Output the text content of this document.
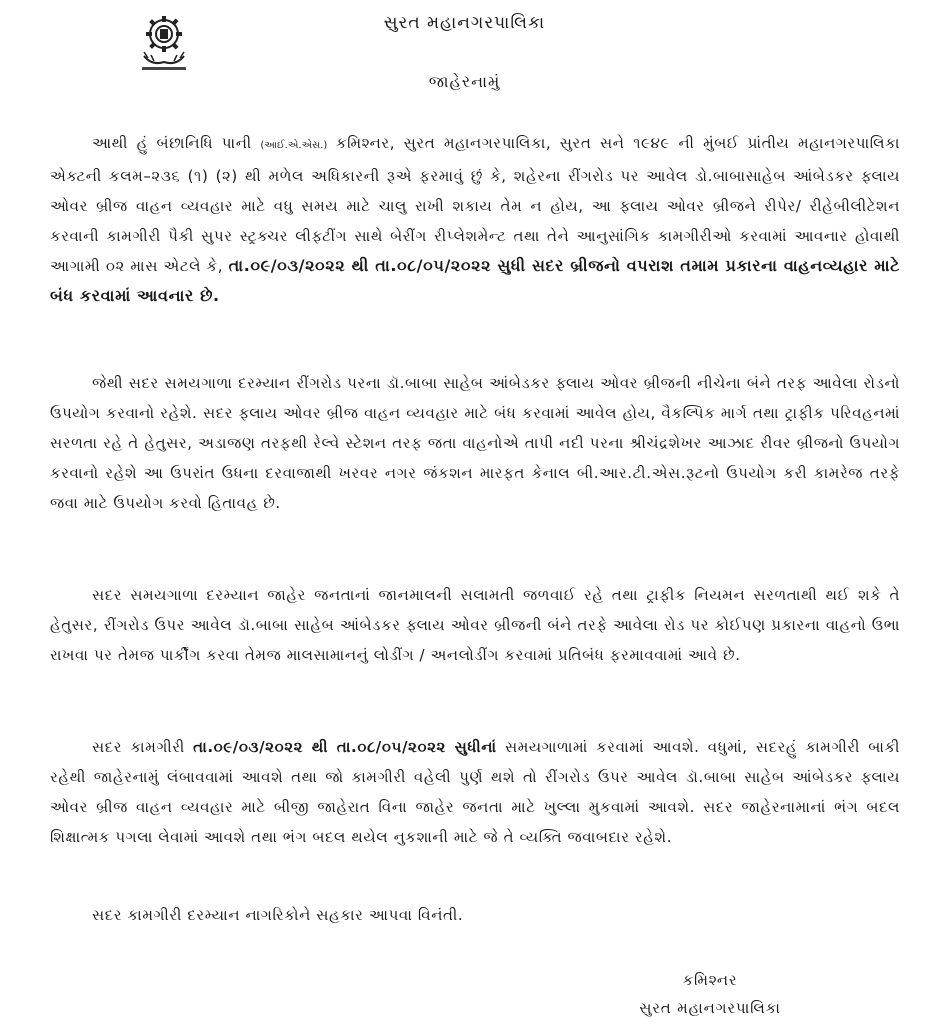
સુરત મહાનગરપાલિકા
જાહેરનામું

આથી હું બંછાનિધિ પાની (આઈ.એ.એસ.) કમિશ્નર, સુરત મહાનગરપાલિકા, સુરત સને ૧૯૪૯ ની મુંબઈ પ્રાંતીય મહાનગરપાલિકા એક્ટની કલમ–૨૩૬ (૧) (૨) થી મળેલ અધિકારની રૂએ ફરમાવું છું કે, શહેરના રીંગરોડ પર આવેલ ડો.બાબાસાહેબ આંબેડકર ફ્લાય ઓવર બ્રીજ વાહન વ્યવહાર માટે વધુ સમય માટે ચાલુ રાખી શકાય તેમ ન હોય, આ ફ્લાય ઓવર બ્રીજને રીપેર/ રીહેબીલીટેશન કરવાની કામગીરી પૈકી સુપર સ્ટ્રક્ચર લીફ્ટીંગ સાથે બેરીંગ રીપ્લેશમેન્ટ તથા તેને આનુસાંગિક કામગીરીઓ કરવામાં આવનાર હોવાથી આગામી ૦૨ માસ એટલે કે, તા.૦૯/૦૩/૨૦૨૨ થી તા.૦૮/૦૫/૨૦૨૨ સુધી સદર બ્રીજનો વપરાશ તમામ પ્રકારના વાહનવ્યહાર માટે બંધ કરવામાં આવનાર છે.

જેથી સદર સમયગાળા દરમ્યાન રીંગરોડ પરના ડૉ.બાબા સાહેબ આંબેડકર ફ્લાય ઓવર બ્રીજની નીચેના બંને તરફ આવેલા રોડનો ઉપયોગ કરવાનો રહેશે. સદર ફ્લાય ઓવર બ્રીજ વાહન વ્યવહાર માટે બંધ કરવામાં આવેલ હોય, વૈકલ્પિક માર્ગ તથા ટ્રાફીક પરિવહનમાં સરળતા રહે તે હેતુસર, અડાજણ તરફથી રેલ્વે સ્ટેશન તરફ જતા વાહનોએ તાપી નદી પરના શ્રીચંદ્રશેખર આઝાદ રીવર બ્રીજનો ઉપયોગ કરવાનો રહેશે આ ઉપરાંત ઉધના દરવાજાથી ખરવર નગર જંકશન મારફત કેનાલ બી.આર.ટી.એસ.રૂટનો ઉપયોગ કરી કામરેજ તરફે જવા માટે ઉપયોગ કરવો હિતાવહ છે.

સદર સમયગાળા દરમ્યાન જાહેર જનતાનાં જાનમાલની સલામતી જળવાઈ રહે તથા ટ્રાફીક નિયમન સરળતાથી થઈ શકે તે હેતુસર, રીંગરોડ ઉપર આવેલ ડૉ.બાબા સાહેબ આંબેડકર ફ્લાય ઓવર બ્રીજની બંને તરફે આવેલા રોડ પર કોઈપણ પ્રકારના વાહનો ઉભા રાખવા પર તેમજ પાર્કીંગ કરવા તેમજ માલસામાનનું લોડીંગ / અનલોડીંગ કરવામાં પ્રતિબંધ ફરમાવવામાં આવે છે.

સદર કામગીરી તા.૦૯/૦૩/૨૦૨૨ થી તા.૦૮/૦૫/૨૦૨૨ સુધીનાં સમયગાળામાં કરવામાં આવશે. વધુમાં, સદરહું કામગીરી બાકી રહેથી જાહેરનામું લંબાવવામાં આવશે તથા જો કામગીરી વહેલી પુર્ણ થશે તો રીંગરોડ ઉપર આવેલ ડૉ.બાબા સાહેબ આંબેડકર ફ્લાય ઓવર બ્રીજ વાહન વ્યવહાર માટે બીજી જાહેરાત વિના જાહેર જનતા માટે ખુલ્લા મુકવામાં આવશે. સદર જાહેરનામાનાં ભંગ બદલ શિક્ષાત્મક પગલા લેવામાં આવશે તથા ભંગ બદલ થયેલ નુકશાની માટે જે તે વ્યક્તિ જવાબદાર રહેશે.

સદર કામગીરી દરમ્યાન નાગરિકોને સહકાર આપવા વિનંતી.

કમિશ્નર
સુરત મહાનગરપાલિકા
